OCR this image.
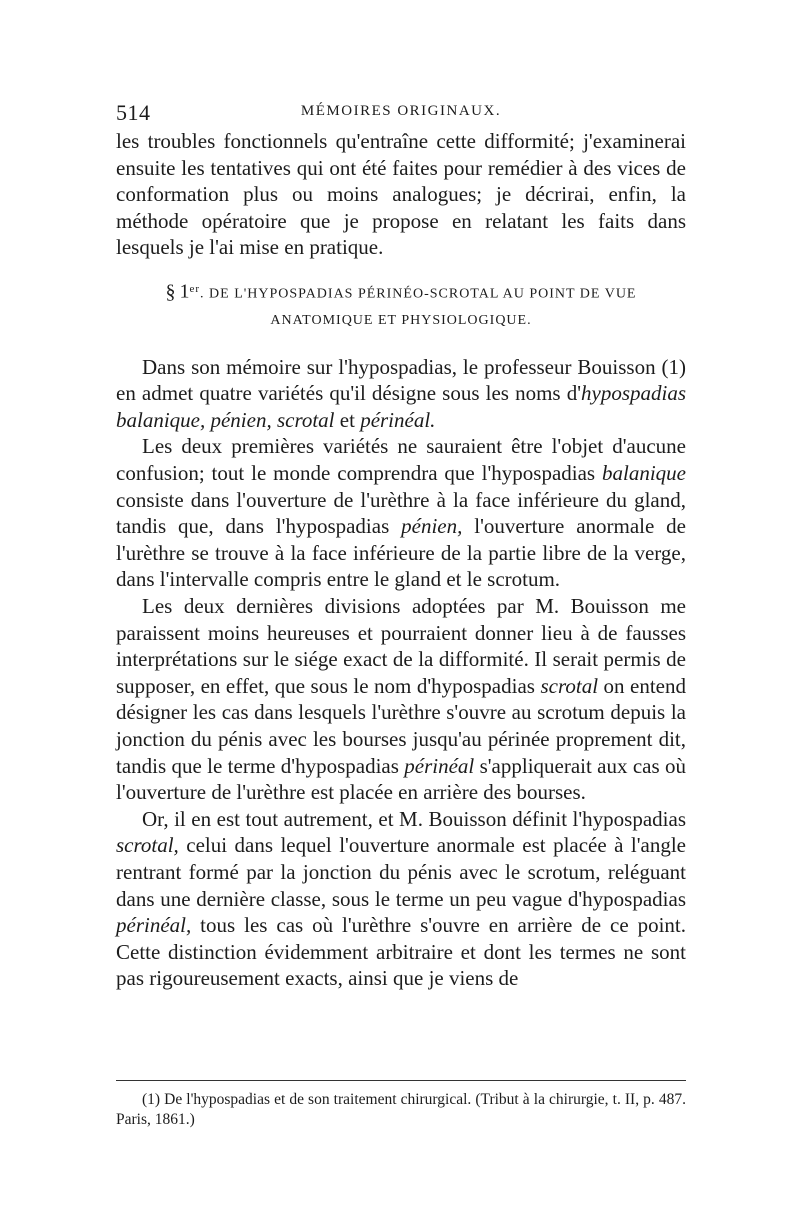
514	MÉMOIRES ORIGINAUX.

les troubles fonctionnels qu'entraîne cette difformité; j'examinerai ensuite les tentatives qui ont été faites pour remédier à des vices de conformation plus ou moins analogues; je décrirai, enfin, la méthode opératoire que je propose en relatant les faits dans lesquels je l'ai mise en pratique.

§ 1er. DE L'HYPOSPADIAS PÉRINÉO-SCROTAL AU POINT DE VUE
ANATOMIQUE ET PHYSIOLOGIQUE.

Dans son mémoire sur l'hypospadias, le professeur Bouisson (1) en admet quatre variétés qu'il désigne sous les noms d'hypospadias balanique, pénien, scrotal et périnéal.

Les deux premières variétés ne sauraient être l'objet d'aucune confusion; tout le monde comprendra que l'hypospadias balanique consiste dans l'ouverture de l'urèthre à la face inférieure du gland, tandis que, dans l'hypospadias pénien, l'ouverture anormale de l'urèthre se trouve à la face inférieure de la partie libre de la verge, dans l'intervalle compris entre le gland et le scrotum.

Les deux dernières divisions adoptées par M. Bouisson me paraissent moins heureuses et pourraient donner lieu à de fausses interprétations sur le siége exact de la difformité. Il serait permis de supposer, en effet, que sous le nom d'hypospadias scrotal on entend désigner les cas dans lesquels l'urèthre s'ouvre au scrotum depuis la jonction du pénis avec les bourses jusqu'au périnée proprement dit, tandis que le terme d'hypospadias périnéal s'appliquerait aux cas où l'ouverture de l'urèthre est placée en arrière des bourses.

Or, il en est tout autrement, et M. Bouisson définit l'hypospadias scrotal, celui dans lequel l'ouverture anormale est placée à l'angle rentrant formé par la jonction du pénis avec le scrotum, reléguant dans une dernière classe, sous le terme un peu vague d'hypospadias périnéal, tous les cas où l'urèthre s'ouvre en arrière de ce point. Cette distinction évidemment arbitraire et dont les termes ne sont pas rigoureusement exacts, ainsi que je viens de

(1) De l'hypospadias et de son traitement chirurgical. (Tribut à la chirurgie, t. II, p. 487. Paris, 1861.)
